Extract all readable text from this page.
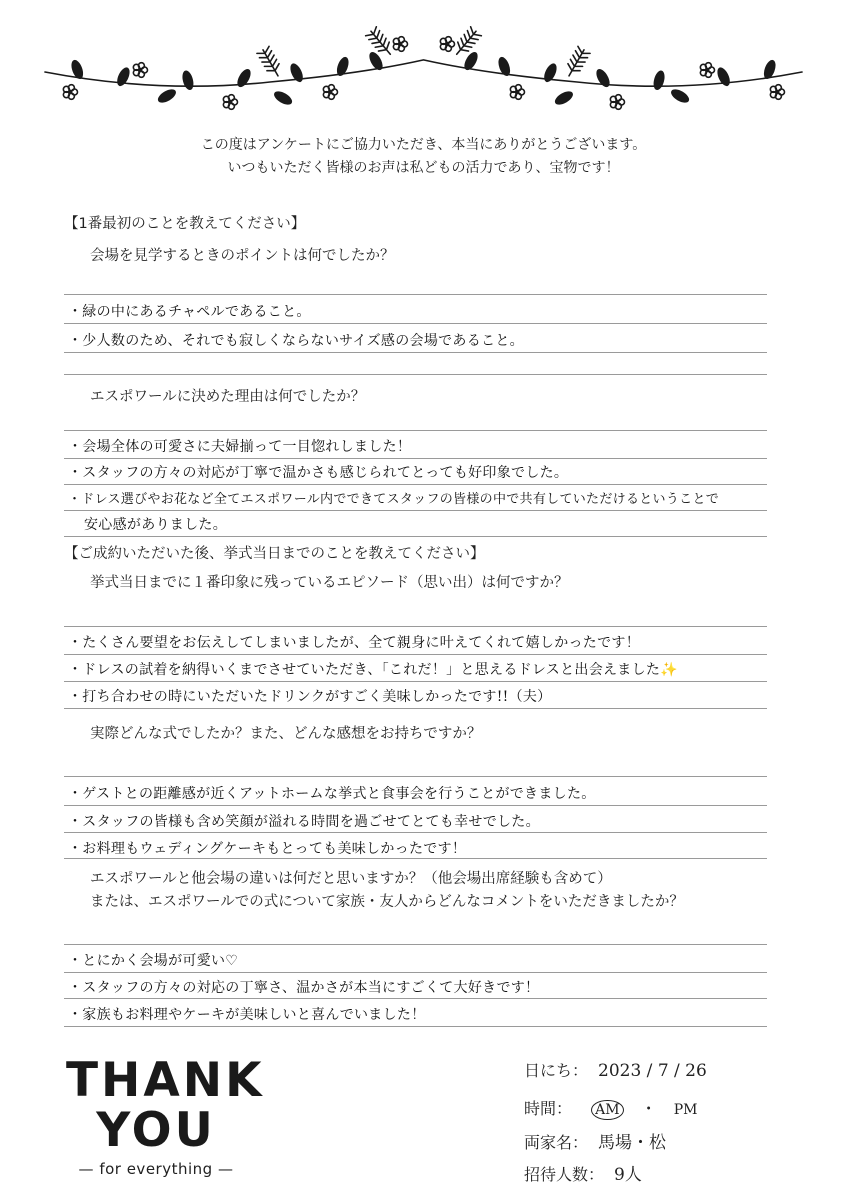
この度はアンケートにご協力いただき、本当にありがとうございます。
いつもいただく皆様のお声は私どもの活力であり、宝物です！
【1番最初のことを教えてください】
会場を見学するときのポイントは何でしたか？
・緑の中にあるチャペルであること。
・少人数のため、それでも寂しくならないサイズ感の会場であること。
エスポワールに決めた理由は何でしたか？
・会場全体の可愛さに夫婦揃って一目惚れしました！
・スタッフの方々の対応が丁寧で温かさも感じられてとっても好印象でした。
・ドレス選びやお花など全てエスポワール内でできてスタッフの皆様の中で共有していただけるということで
安心感がありました。
【ご成約いただいた後、挙式当日までのことを教えてください】
挙式当日までに１番印象に残っているエピソード（思い出）は何ですか？
・たくさん要望をお伝えしてしまいましたが、全て親身に叶えてくれて嬉しかったです！
・ドレスの試着を納得いくまでさせていただき、「これだ！」と思えるドレスと出会えました✨
・打ち合わせの時にいただいたドリンクがすごく美味しかったです!!（夫）
実際どんな式でしたか？また、どんな感想をお持ちですか？
・ゲストとの距離感が近くアットホームな挙式と食事会を行うことができました。
・スタッフの皆様も含め笑顔が溢れる時間を過ごせてとても幸せでした。
・お料理もウェディングケーキもとっても美味しかったです！
エスポワールと他会場の違いは何だと思いますか？（他会場出席経験も含めて）
または、エスポワールでの式について家族・友人からどんなコメントをいただきましたか？
・とにかく会場が可愛い♡
・スタッフの方々の対応の丁寧さ、温かさが本当にすごくて大好きです！
・家族もお料理やケーキが美味しいと喜んでいました！
THANK
YOU
— for everything —
日にち： 2023 / 7 / 26
時間： AM ・ PM
両家名： 馬場・松
招待人数： 9人
